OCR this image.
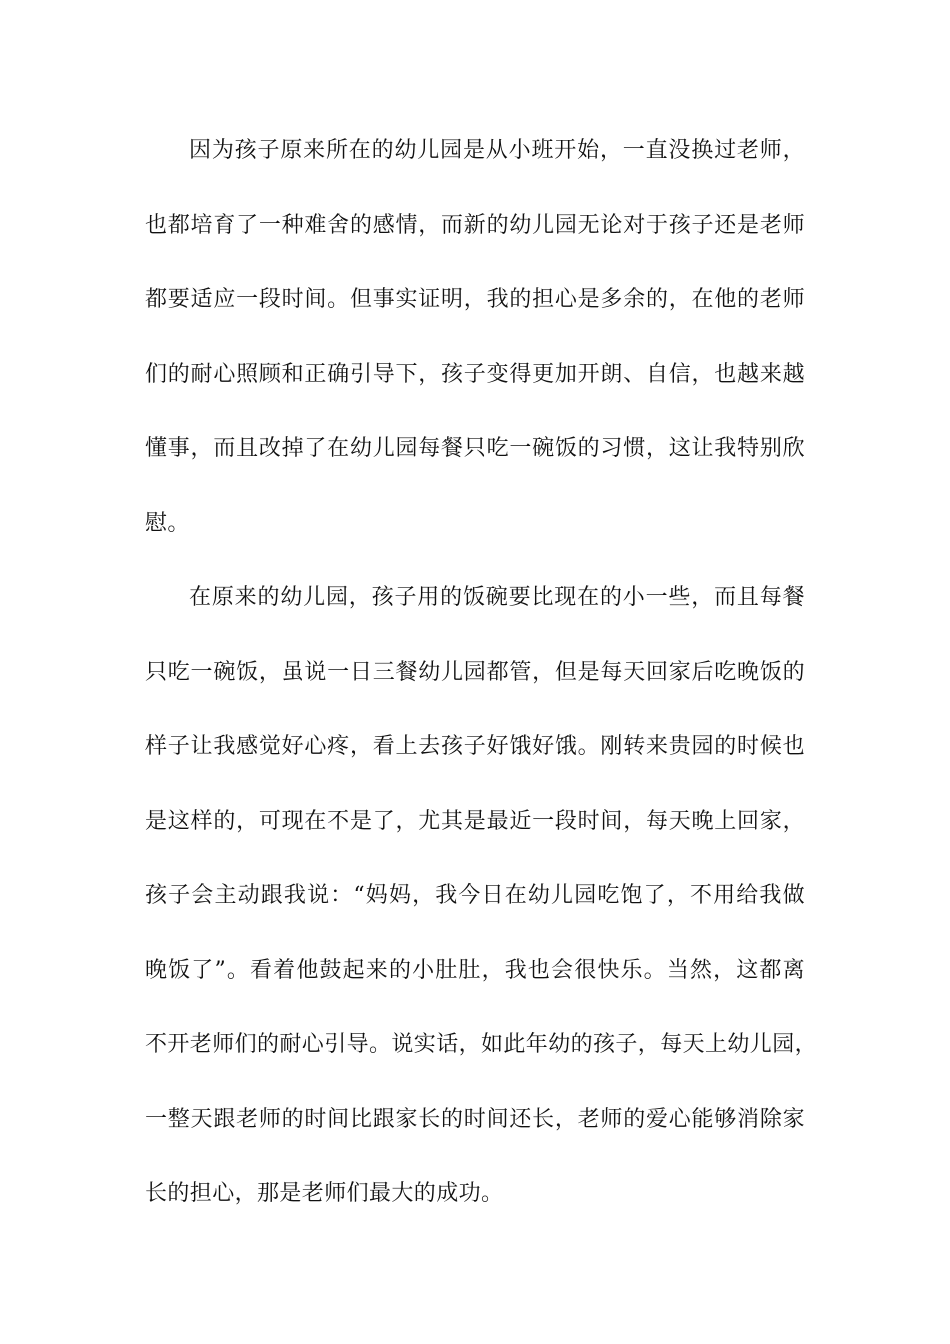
因为孩子原来所在的幼儿园是从小班开始，一直没换过老师，
也都培育了一种难舍的感情，而新的幼儿园无论对于孩子还是老师
都要适应一段时间。但事实证明，我的担心是多余的，在他的老师
们的耐心照顾和正确引导下，孩子变得更加开朗、自信，也越来越
懂事，而且改掉了在幼儿园每餐只吃一碗饭的习惯，这让我特别欣
慰。
在原来的幼儿园，孩子用的饭碗要比现在的小一些，而且每餐
只吃一碗饭，虽说一日三餐幼儿园都管，但是每天回家后吃晚饭的
样子让我感觉好心疼，看上去孩子好饿好饿。刚转来贵园的时候也
是这样的，可现在不是了，尤其是最近一段时间，每天晚上回家，
孩子会主动跟我说：“妈妈，我今日在幼儿园吃饱了，不用给我做
晚饭了”。看着他鼓起来的小肚肚，我也会很快乐。当然，这都离
不开老师们的耐心引导。说实话，如此年幼的孩子，每天上幼儿园，
一整天跟老师的时间比跟家长的时间还长，老师的爱心能够消除家
长的担心，那是老师们最大的成功。
